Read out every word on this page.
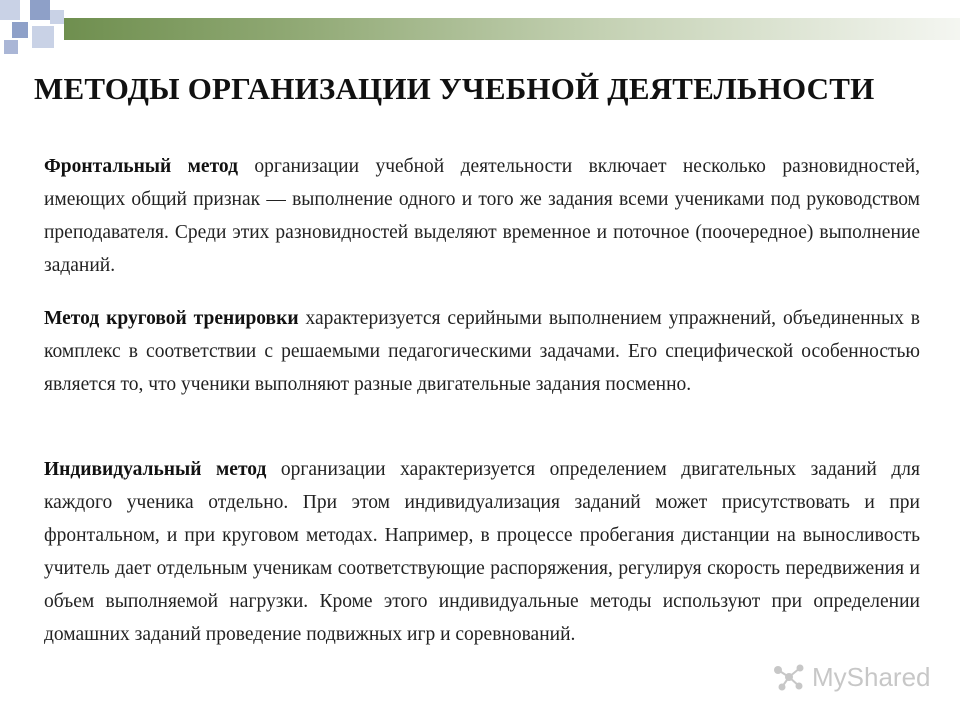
МЕТОДЫ ОРГАНИЗАЦИИ УЧЕБНОЙ ДЕЯТЕЛЬНОСТИ
Фронтальный метод организации учебной деятельности включает несколько разновидностей, имеющих общий признак — выполнение одного и того же задания всеми учениками под руководством преподавателя. Среди этих разновидностей выделяют временное и поточное (поочередное) выполнение заданий.
Метод круговой тренировки характеризуется серийными выполнением упражнений, объединенных в комплекс в соответствии с решаемыми педагогическими задачами. Его специфической особенностью является то, что ученики выполняют разные двигательные задания посменно.
Индивидуальный метод организации характеризуется определением двигательных заданий для каждого ученика отдельно. При этом индивидуализация заданий может присутствовать и при фронтальном, и при круговом методах. Например, в процессе пробегания дистанции на выносливость учитель дает отдельным ученикам соответствующие распоряжения, регулируя скорость передвижения и объем выполняемой нагрузки. Кроме этого индивидуальные методы используют при определении домашних заданий проведение подвижных игр и соревнований.
MyShared
